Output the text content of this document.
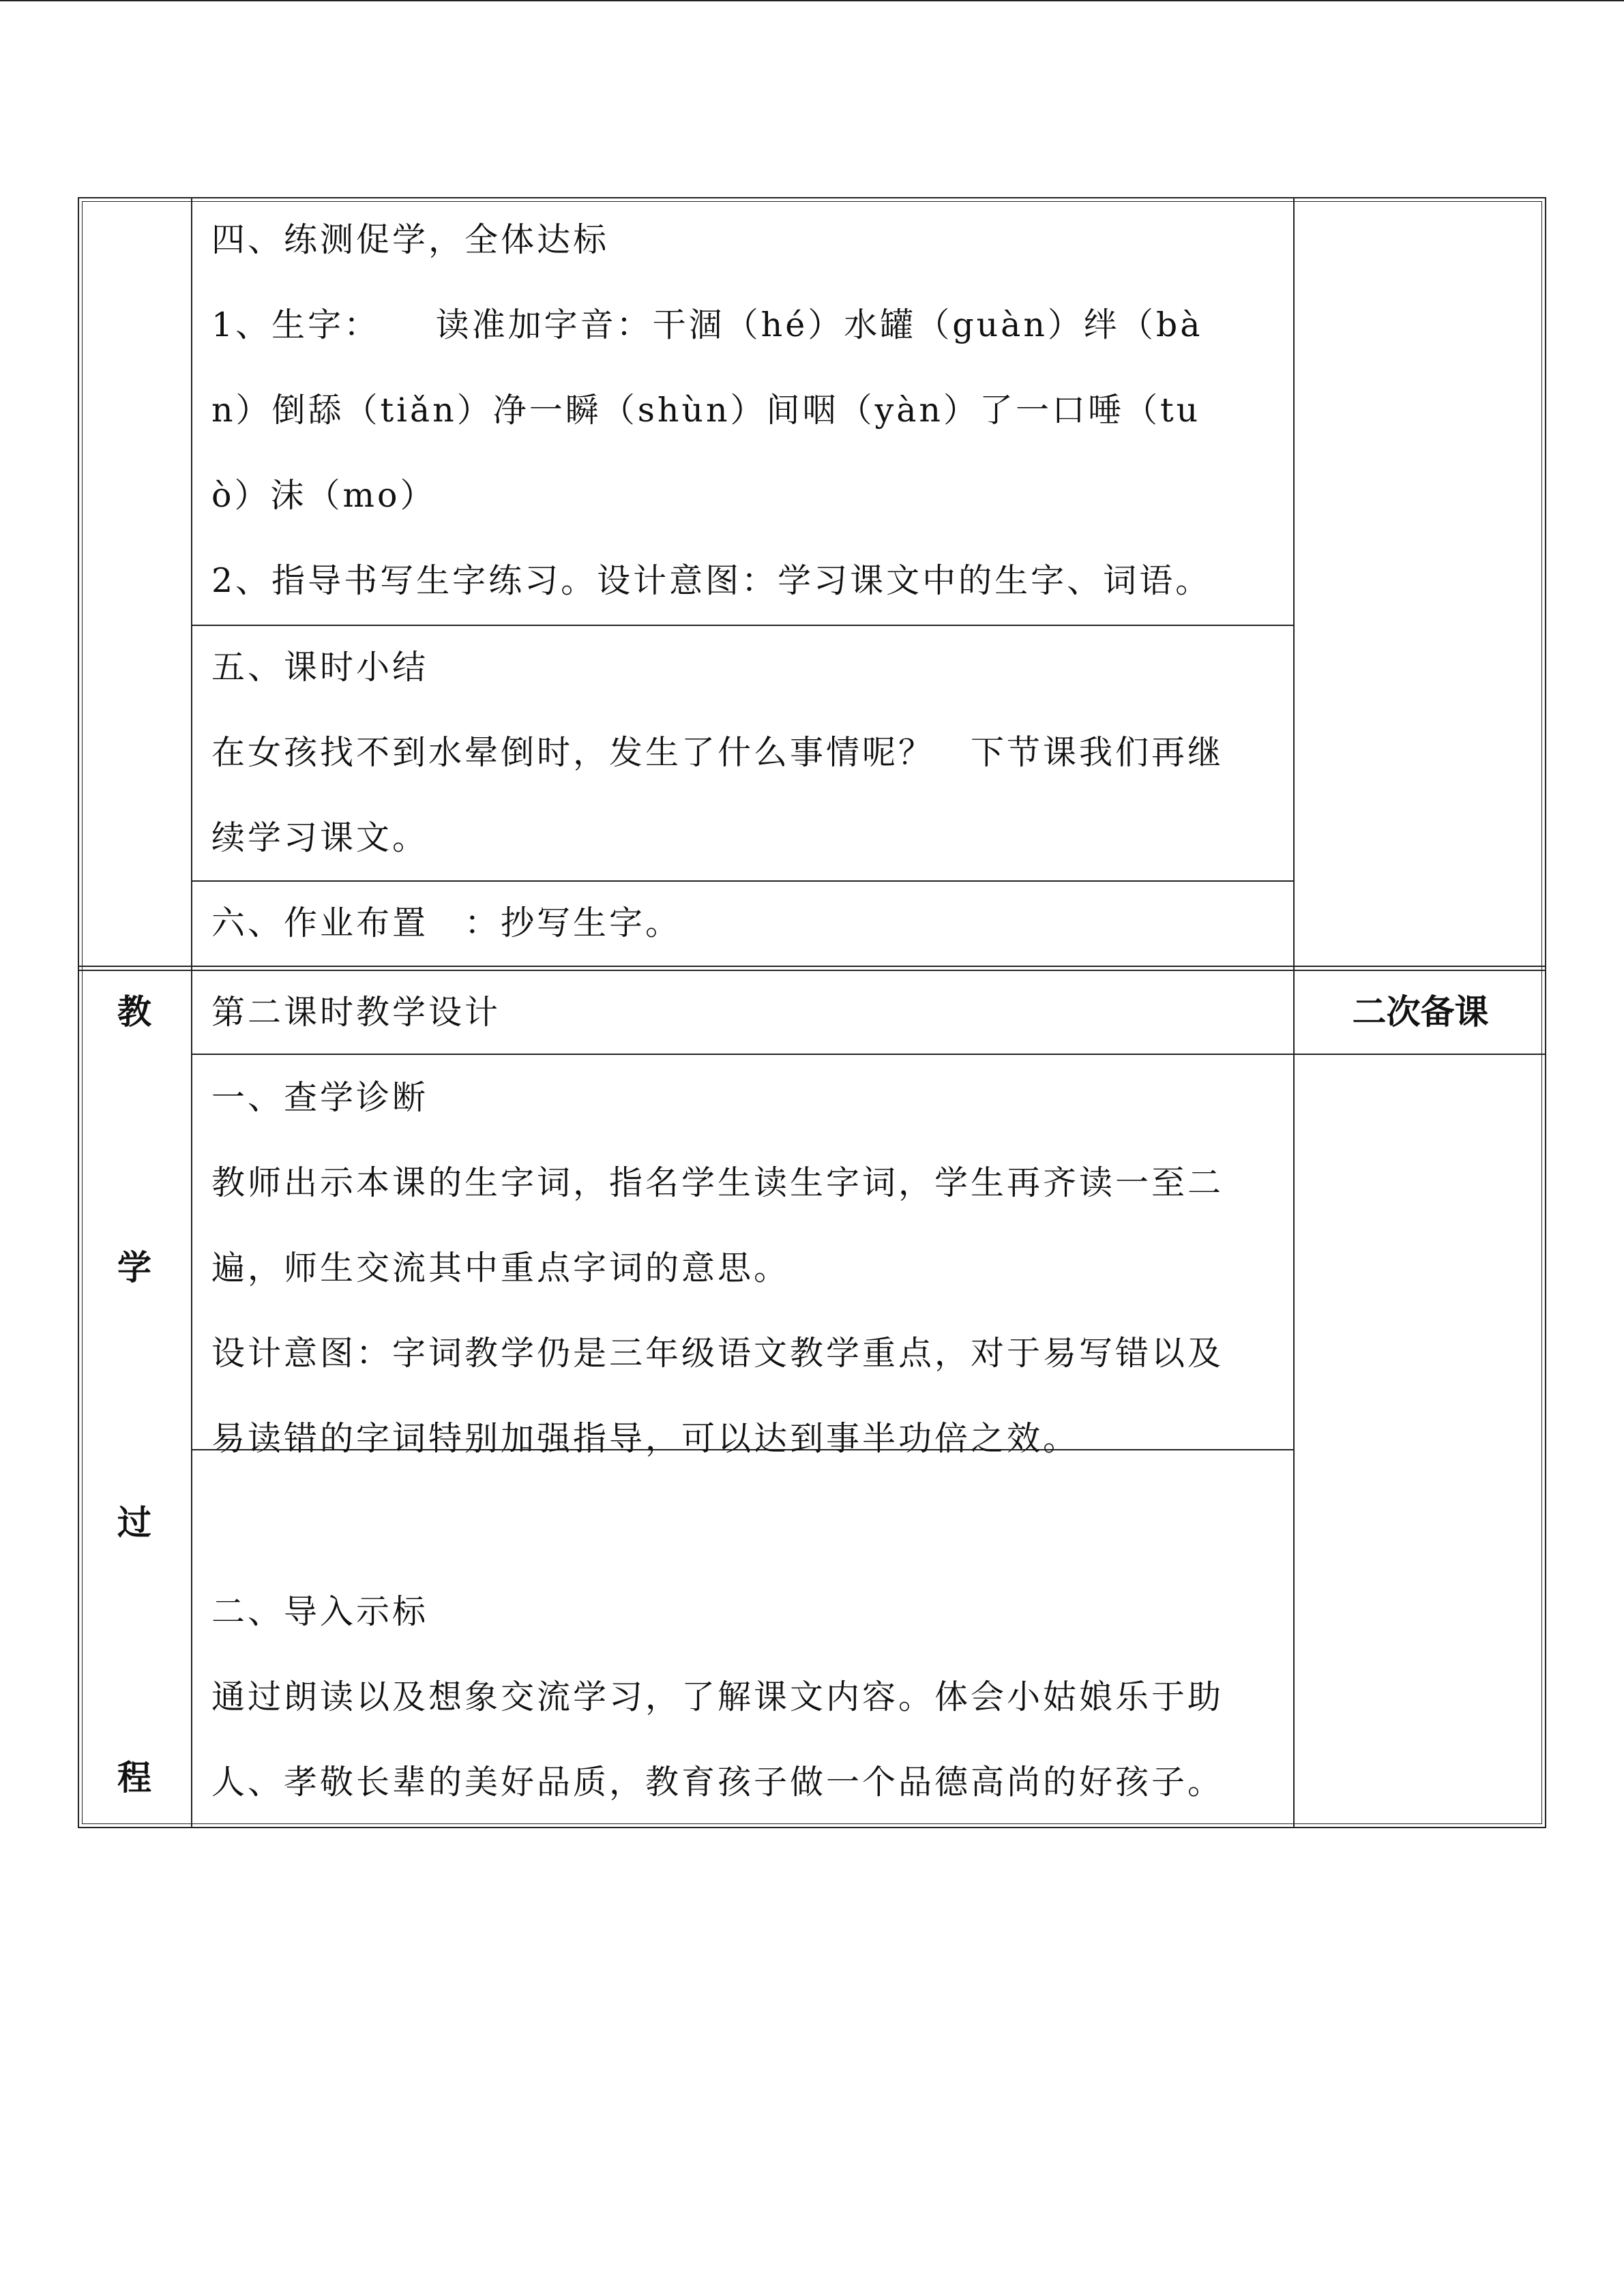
四、练测促学，全体达标

1、生字：　　读准加字音：干涸（hé）水罐（guàn）绊（bà

n）倒舔（tiǎn）净一瞬（shùn）间咽（yàn）了一口唾（tu

ò）沫（mo）

2、指导书写生字练习。设计意图：学习课文中的生字、词语。

五、课时小结

在女孩找不到水晕倒时，发生了什么事情呢？　下节课我们再继

续学习课文。

六、作业布置　：抄写生字。

第二课时教学设计	二次备课
教
学
过
程

一、查学诊断

教师出示本课的生字词，指名学生读生字词，学生再齐读一至二

遍，师生交流其中重点字词的意思。

设计意图：字词教学仍是三年级语文教学重点，对于易写错以及

易读错的字词特别加强指导，可以达到事半功倍之效。

二、导入示标

通过朗读以及想象交流学习，了解课文内容。体会小姑娘乐于助

人、孝敬长辈的美好品质，教育孩子做一个品德高尚的好孩子。
